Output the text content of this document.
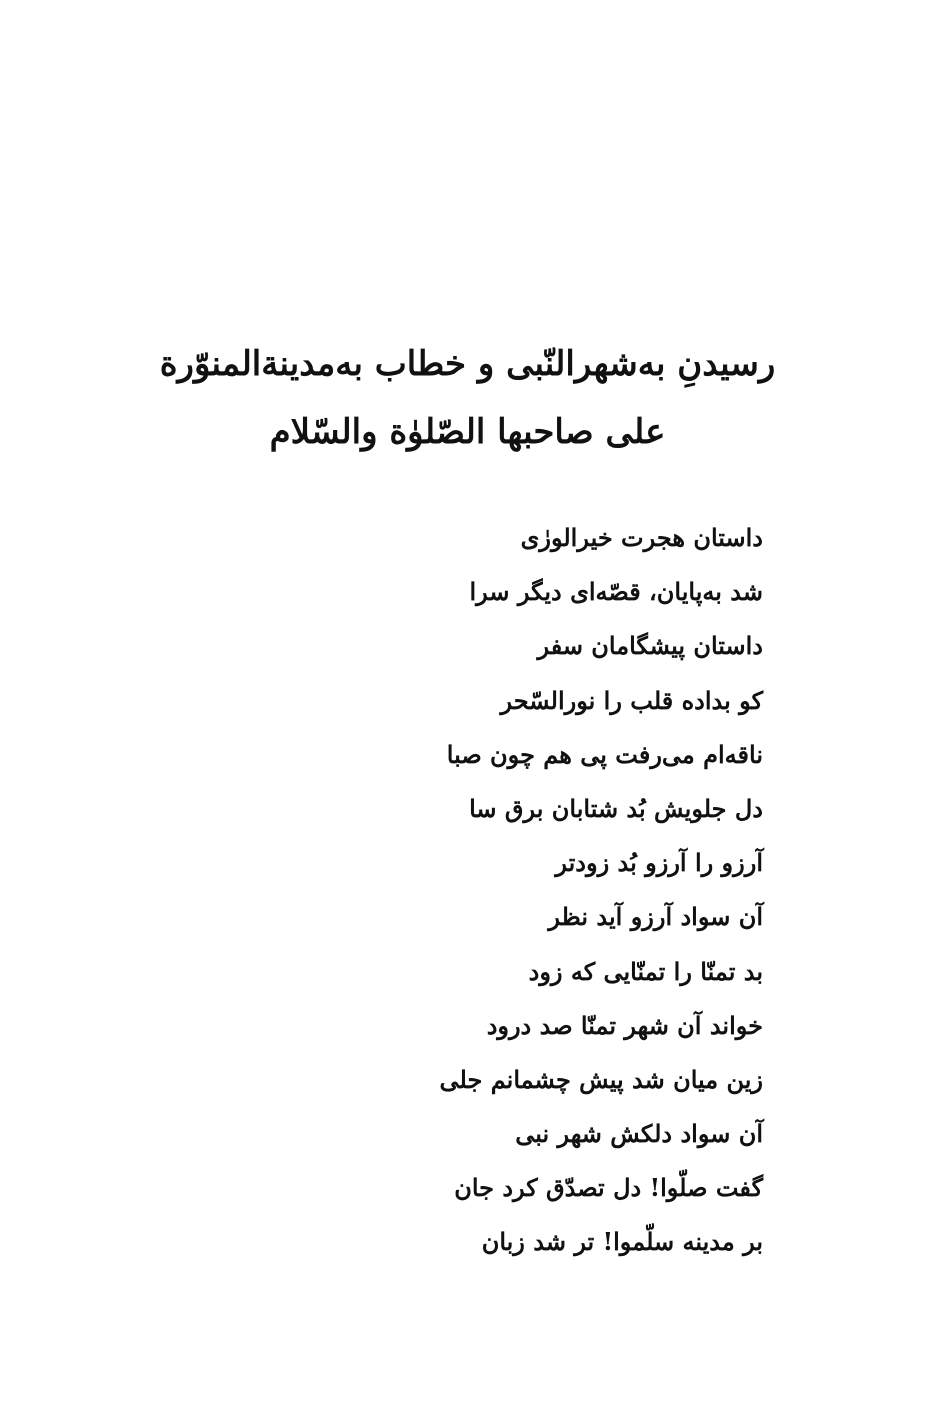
رسیدنِ به‌شهرالنّبی و خطاب به‌مدینةالمنوّرة
علی صاحبها الصّلوٰة والسّلام
داستان هجرت خیرالورٰی
شد به‌پایان، قصّه‌ای دیگر سرا
داستان پیشگامان سفر
کو بداده قلب را نورالسّحر
ناقه‌ام می‌رفت پی هم چون صبا
دل جلویش بُد شتابان برق سا
آرزو را آرزو بُد زودتر
آن سواد آرزو آید نظر
بد تمنّا را تمنّایی که زود
خواند آن شهر تمنّا صد درود
زین میان شد پیش چشمانم جلی
آن سواد دلکش شهر نبی
گفت صلّوا! دل تصدّق کرد جان
بر مدینه سلّموا! تر شد زبان
